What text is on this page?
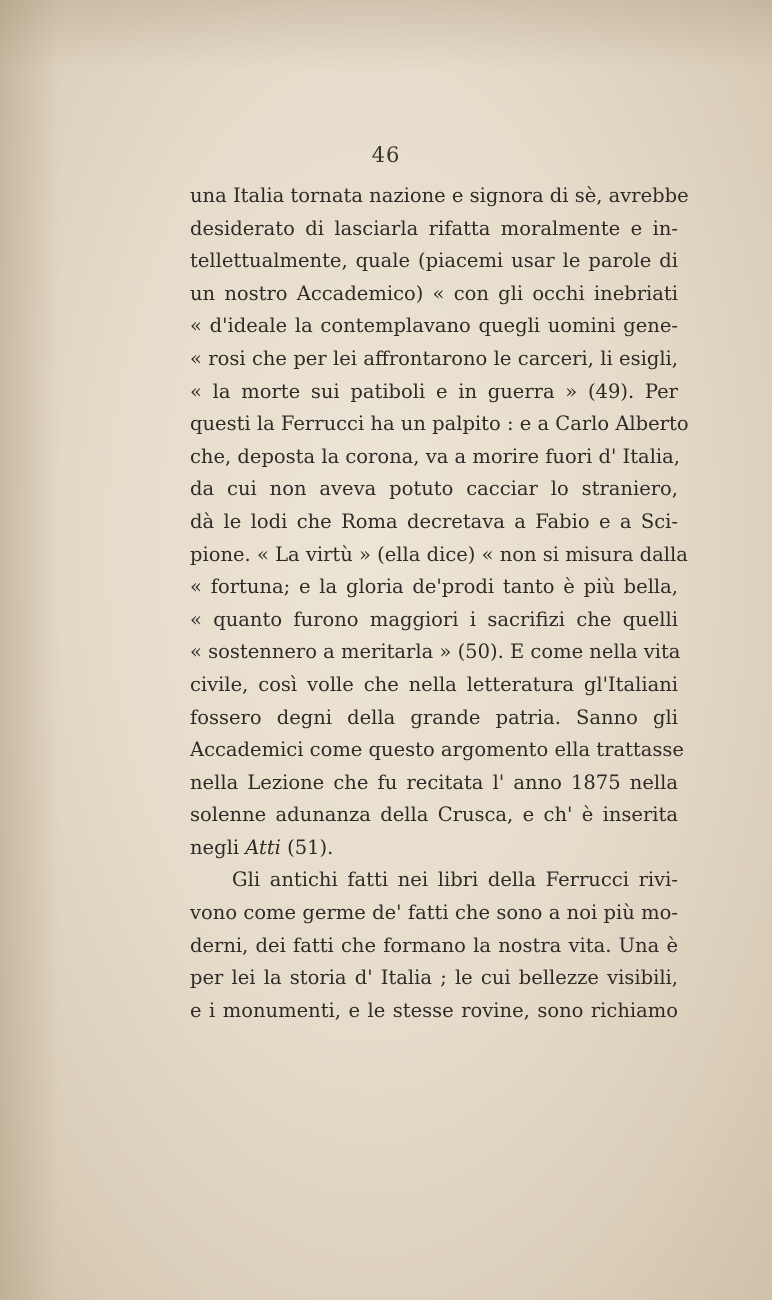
46
una Italia tornata nazione e signora di sè, avrebbe
desiderato di lasciarla rifatta moralmente e in-
tellettualmente, quale (piacemi usar le parole di
un nostro Accademico) « con gli occhi inebriati
« d'ideale la contemplavano quegli uomini gene-
« rosi che per lei affrontarono le carceri, li esigli,
« la morte sui patiboli e in guerra » (49). Per
questi la Ferrucci ha un palpito : e a Carlo Alberto
che, deposta la corona, va a morire fuori d' Italia,
da cui non aveva potuto cacciar lo straniero,
dà le lodi che Roma decretava a Fabio e a Sci-
pione. « La virtù » (ella dice) « non si misura dalla
« fortuna; e la gloria de'prodi tanto è più bella,
« quanto furono maggiori i sacrifizi che quelli
« sostennero a meritarla » (50). E come nella vita
civile, così volle che nella letteratura gl'Italiani
fossero degni della grande patria. Sanno gli
Accademici come questo argomento ella trattasse
nella Lezione che fu recitata l' anno 1875 nella
solenne adunanza della Crusca, e ch' è inserita
negli Atti (51).
Gli antichi fatti nei libri della Ferrucci rivi-
vono come germe de' fatti che sono a noi più mo-
derni, dei fatti che formano la nostra vita. Una è
per lei la storia d' Italia ; le cui bellezze visibili,
e i monumenti, e le stesse rovine, sono richiamo
